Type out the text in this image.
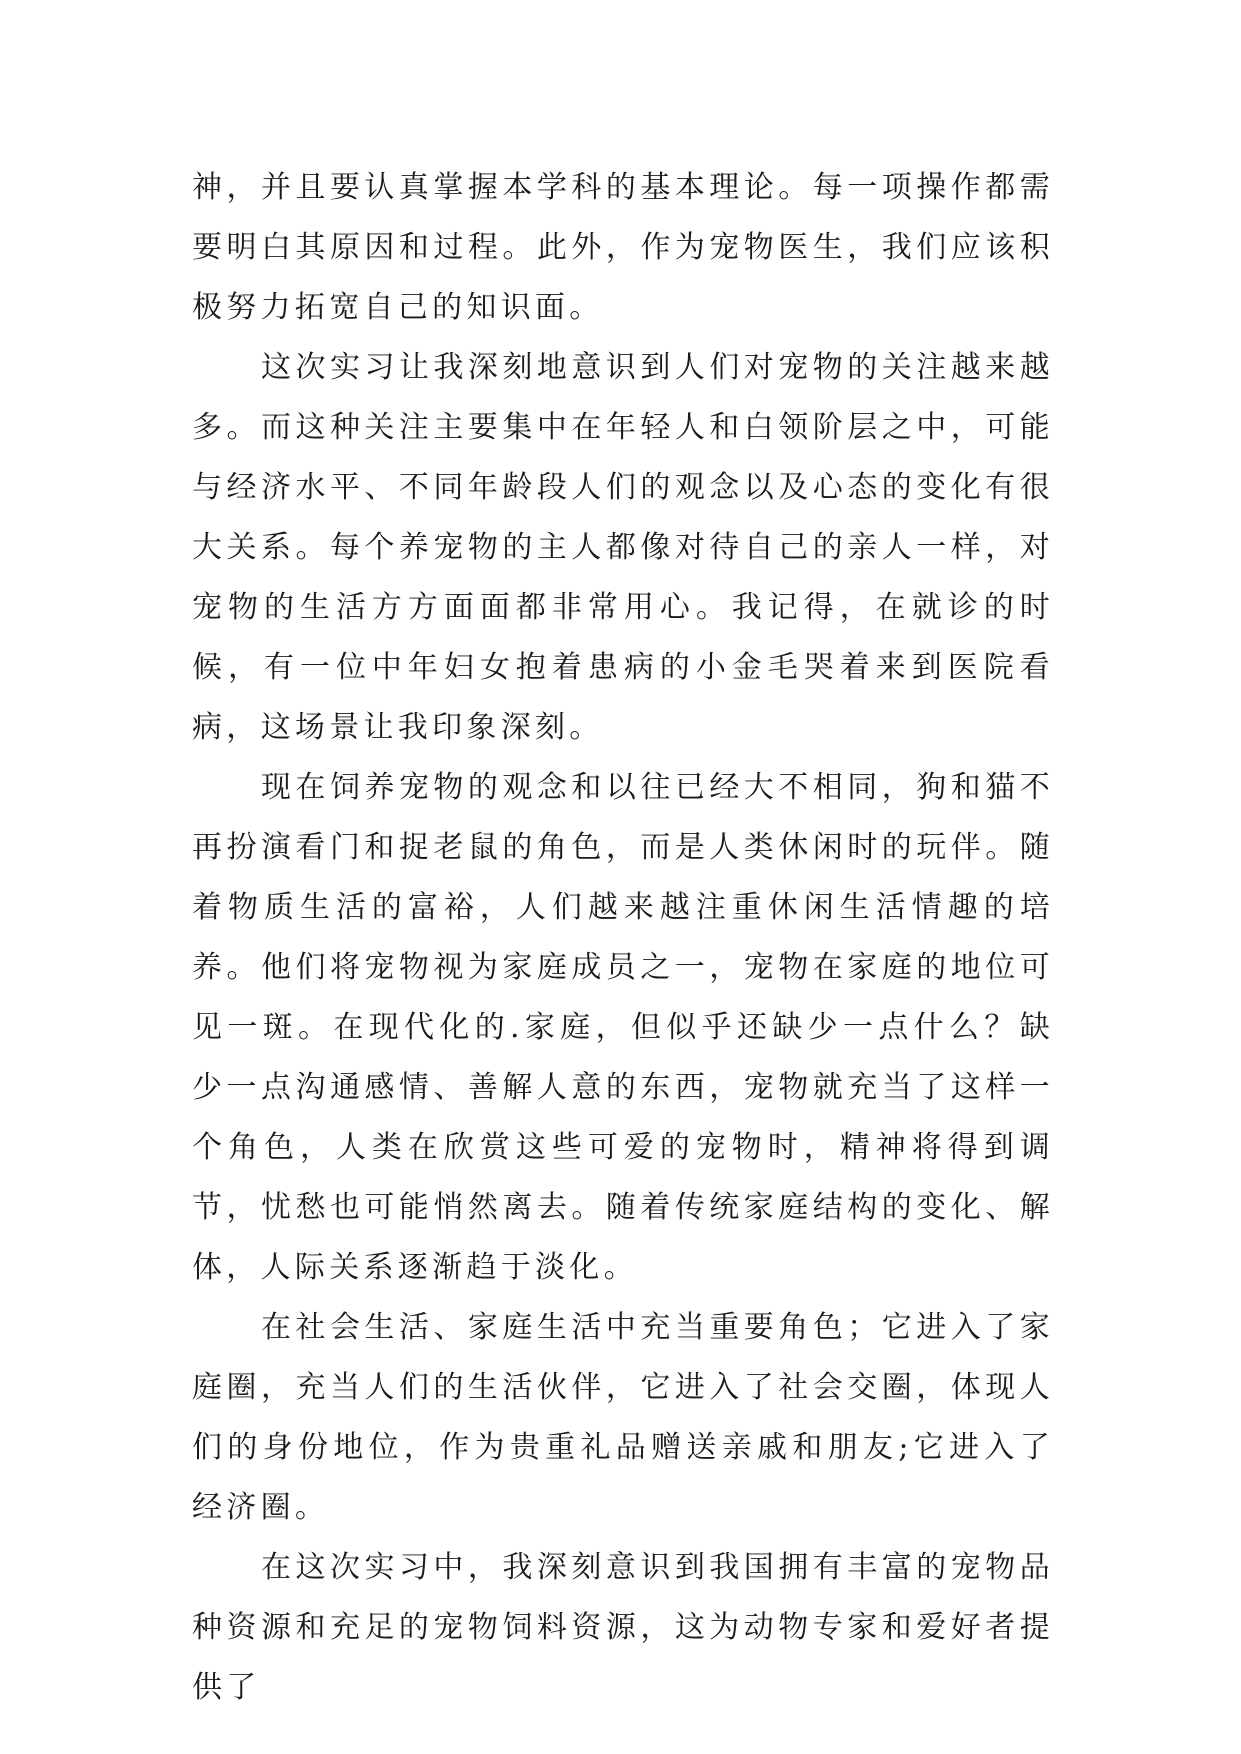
神，并且要认真掌握本学科的基本理论。每一项操作都需要明白其原因和过程。此外，作为宠物医生，我们应该积极努力拓宽自己的知识面。

这次实习让我深刻地意识到人们对宠物的关注越来越多。而这种关注主要集中在年轻人和白领阶层之中，可能与经济水平、不同年龄段人们的观念以及心态的变化有很大关系。每个养宠物的主人都像对待自己的亲人一样，对宠物的生活方方面面都非常用心。我记得，在就诊的时候，有一位中年妇女抱着患病的小金毛哭着来到医院看病，这场景让我印象深刻。

现在饲养宠物的观念和以往已经大不相同，狗和猫不再扮演看门和捉老鼠的角色，而是人类休闲时的玩伴。随着物质生活的富裕，人们越来越注重休闲生活情趣的培养。他们将宠物视为家庭成员之一，宠物在家庭的地位可见一斑。在现代化的.家庭，但似乎还缺少一点什么？缺少一点沟通感情、善解人意的东西，宠物就充当了这样一个角色，人类在欣赏这些可爱的宠物时，精神将得到调节，忧愁也可能悄然离去。随着传统家庭结构的变化、解体，人际关系逐渐趋于淡化。

在社会生活、家庭生活中充当重要角色；它进入了家庭圈，充当人们的生活伙伴，它进入了社会交圈，体现人们的身份地位，作为贵重礼品赠送亲戚和朋友;它进入了经济圈。

在这次实习中，我深刻意识到我国拥有丰富的宠物品种资源和充足的宠物饲料资源，这为动物专家和爱好者提供了
